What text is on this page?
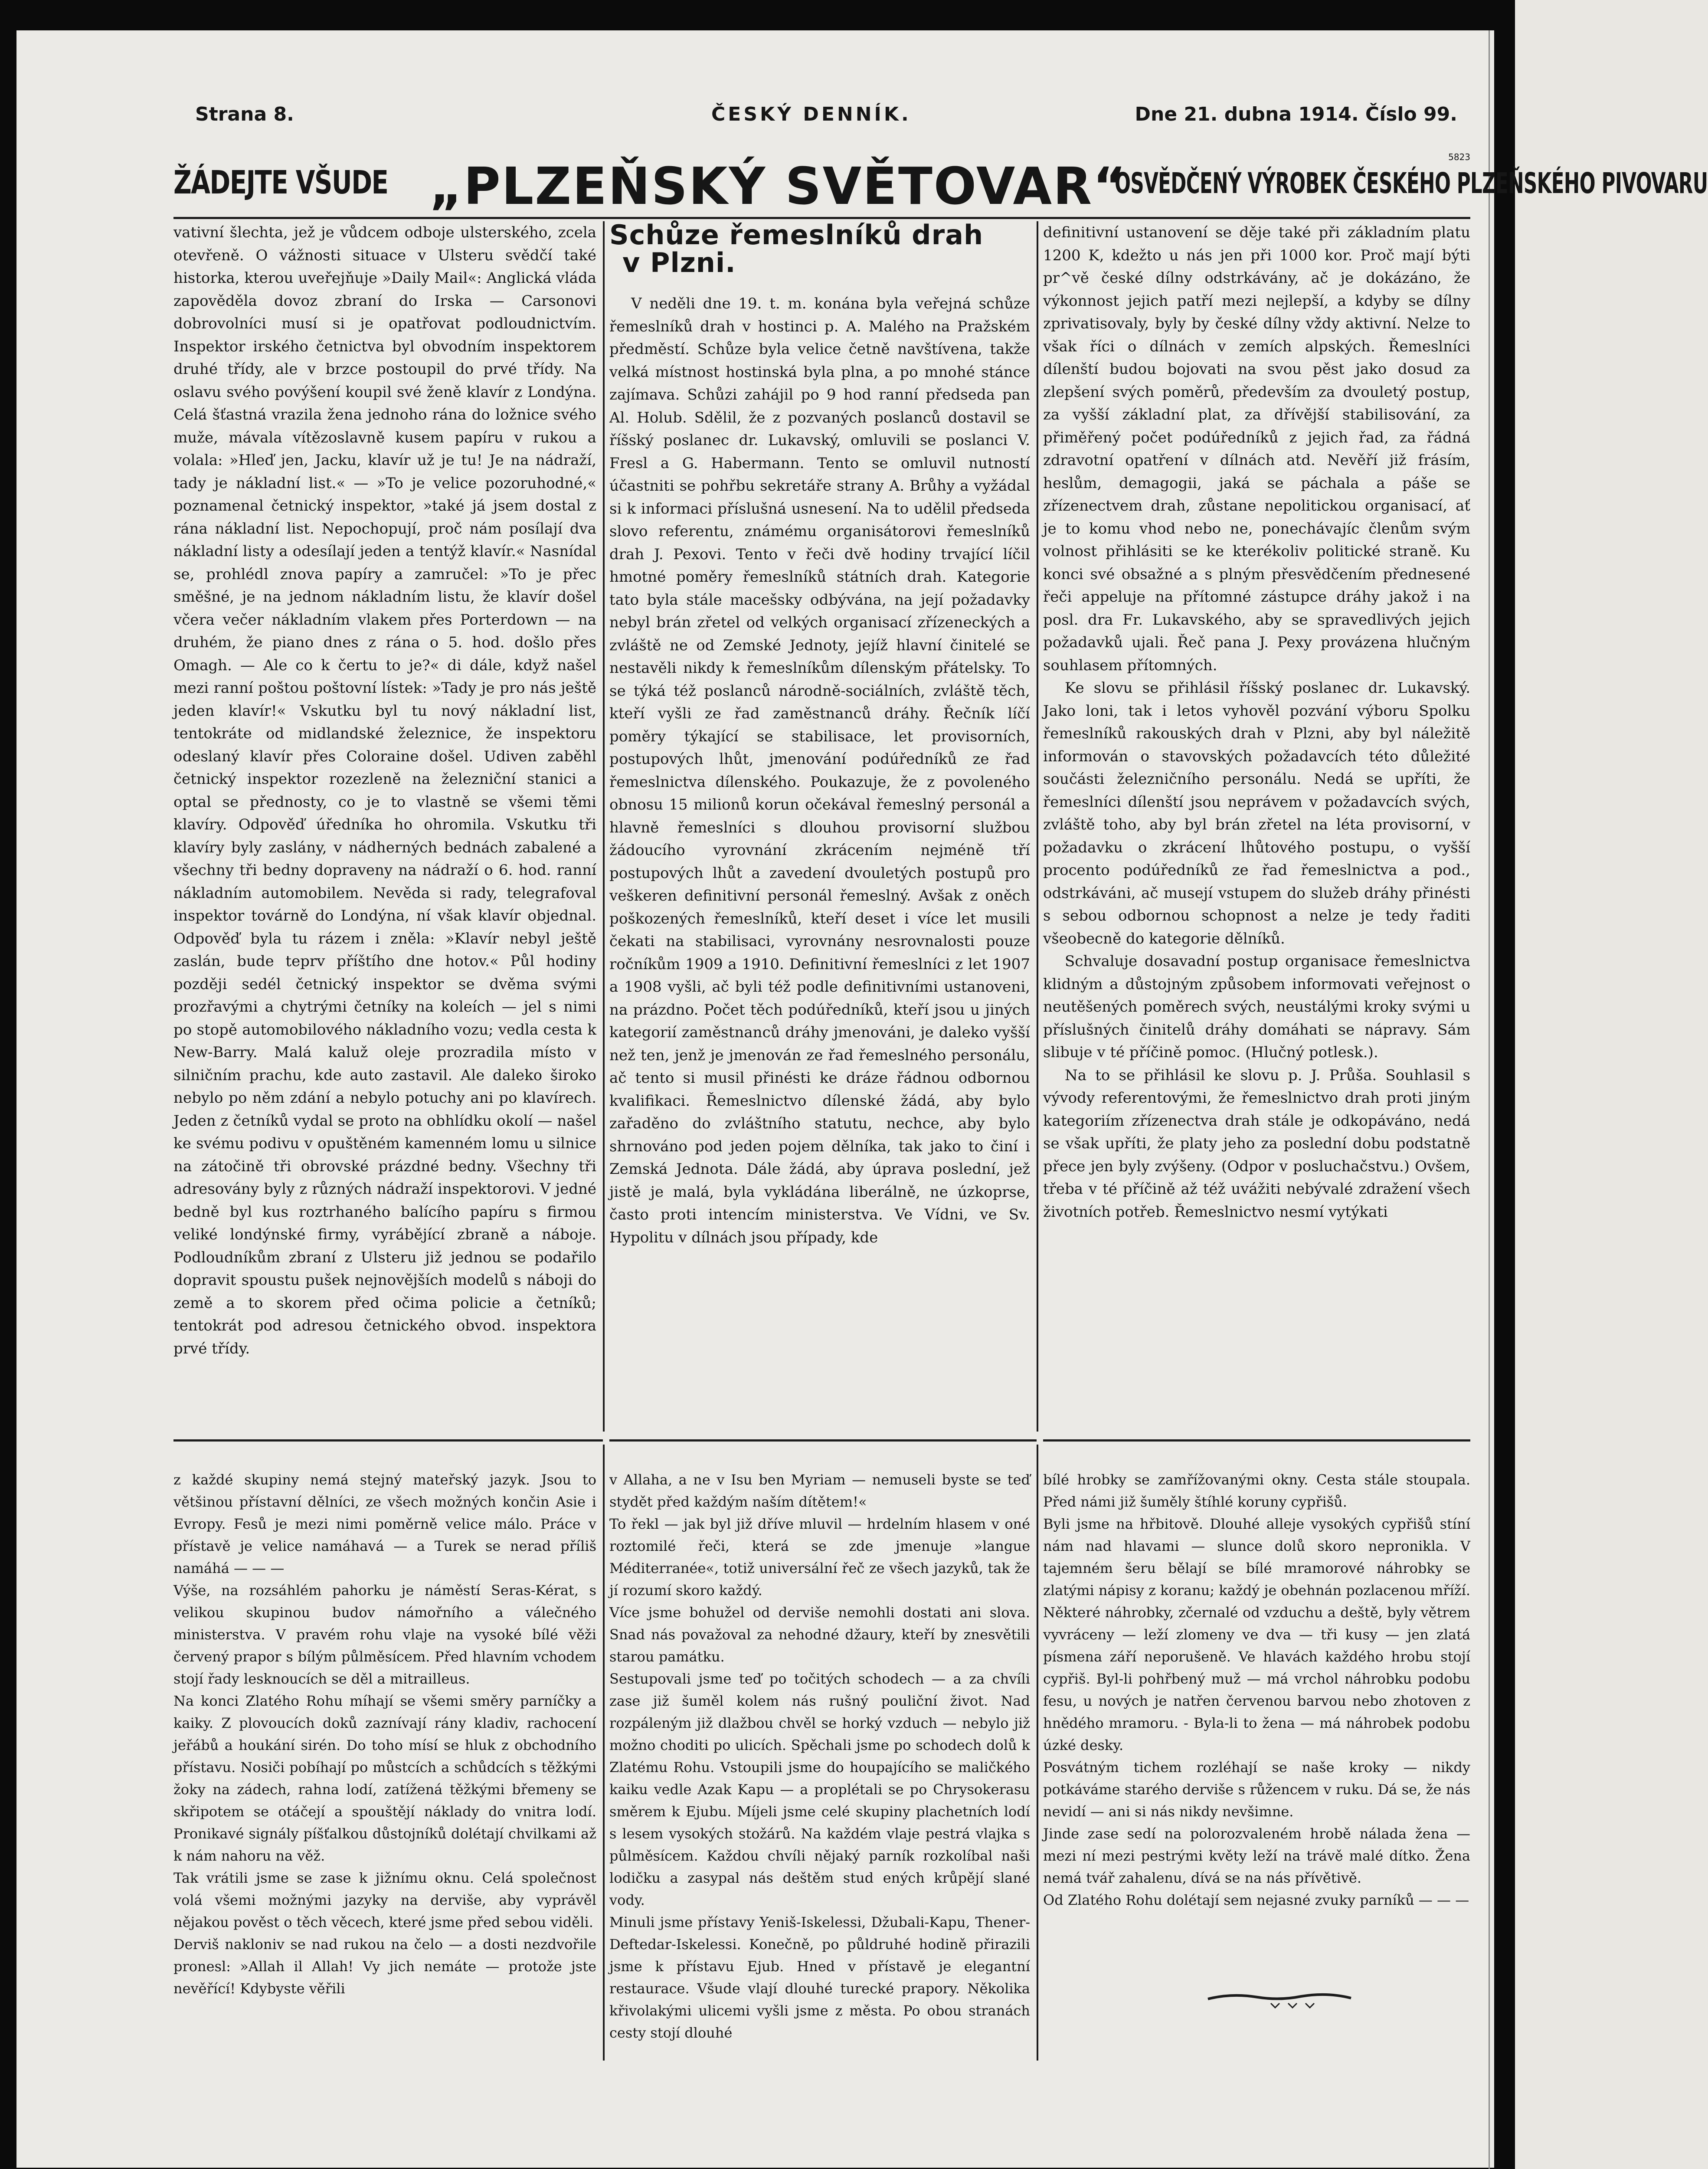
Strana 8.	ČESKÝ DENNÍK.	Dne 21. dubna 1914. Číslo 99.
ŽÁDEJTE VŠUDE „PLZEŇSKÝ SVĚTOVAR“
OSVĚDČENÝ VÝROBEK ČESKÉHO PLZEŇSKÉHO PIVOVARU
5823

vativní šlechta, jež je vůdcem odboje ulsterského, zcela otevřeně. O vážnosti situace v Ulsteru svědčí také historka, kterou uveřejňuje »Daily Mail«: Anglická vláda zapověděla dovoz zbraní do Irska — Carsonovi dobrovolníci musí si je opatřovat podloudnictvím. Inspektor irského četnictva byl obvodním inspektorem druhé třídy, ale v brzce postoupil do prvé třídy. Na oslavu svého povýšení koupil své ženě klavír z Londýna. Celá šťastná vrazila žena jednoho rána do ložnice svého muže, mávala vítězoslavně kusem papíru v rukou a volala: »Hleď jen, Jacku, klavír už je tu! Je na nádraží, tady je nákladní list.« — »To je velice pozoruhodné,« poznamenal četnický inspektor, »také já jsem dostal z rána nákladní list. Nepochopují, proč nám posílají dva nákladní listy a odesílají jeden a tentýž klavír.« Nasnídal se, prohlédl znova papíry a zamručel: »To je přec směšné, je na jednom nákladním listu, že klavír došel včera večer nákladním vlakem přes Porterdown — na druhém, že piano dnes z rána o 5. hod. došlo přes Omagh. — Ale co k čertu to je?« di dále, když našel mezi ranní poštou poštovní lístek: »Tady je pro nás ještě jeden klavír!« Vskutku byl tu nový nákladní list, tentokráte od midlandské železnice, že inspektoru odeslaný klavír přes Coloraine došel. Udiven zaběhl četnický inspektor rozezleně na železniční stanici a optal se přednosty, co je to vlastně se všemi těmi klavíry. Odpověď úředníka ho ohromila. Vskutku tři klavíry byly zaslány, v nádherných bednách zabalené a všechny tři bedny dopraveny na nádraží o 6. hod. ranní nákladním automobilem. Nevěda si rady, telegrafoval inspektor továrně do Londýna, ní však klavír objednal. Odpověď byla tu rázem i zněla: »Klavír nebyl ještě zaslán, bude teprv příštího dne hotov.« Půl hodiny později sedél četnický inspektor se dvěma svými prozřavými a chytrými četníky na koleích — jel s nimi po stopě automobilového nákladního vozu; vedla cesta k New-Barry. Malá kaluž oleje prozradila místo v silničním prachu, kde auto zastavil. Ale daleko široko nebylo po něm zdání a nebylo potuchy ani po klavírech. Jeden z četníků vydal se proto na obhlídku okolí — našel ke svému podivu v opuštěném kamenném lomu u silnice na zátočině tři obrovské prázdné bedny. Všechny tři adresovány byly z různých nádraží inspektorovi. V jedné bedně byl kus roztrhaného balícího papíru s firmou veliké londýnské firmy, vyrábějící zbraně a náboje. Podloudníkům zbraní z Ulsteru již jednou se podařilo dopravit spoustu pušek nejnovějších modelů s náboji do země a to skorem před očima policie a četníků; tentokrát pod adresou četnického obvod. inspektora prvé třídy.

Schůze řemeslníků drah
v Plzni.

V neděli dne 19. t. m. konána byla veřejná schůze řemeslníků drah v hostinci p. A. Malého na Pražském předměstí. Schůze byla velice četně navštívena, takže velká místnost hostinská byla plna, a po mnohé stánce zajímava. Schůzi zahájil po 9 hod ranní předseda pan Al. Holub. Sdělil, že z pozvaných poslanců dostavil se říšský poslanec dr. Lukavský, omluvili se poslanci V. Fresl a G. Habermann. Tento se omluvil nutností účastniti se pohřbu sekretáře strany A. Brůhy a vyžádal si k informaci příslušná usnesení. Na to udělil předseda slovo referentu, známému organisátorovi řemeslníků drah J. Pexovi. Tento v řeči dvě hodiny trvající líčil hmotné poměry řemeslníků státních drah. Kategorie tato byla stále macešsky odbývána, na její požadavky nebyl brán zřetel od velkých organisací zřízeneckých a zvláště ne od Zemské Jednoty, jejíž hlavní činitelé se nestavěli nikdy k řemeslníkům dílenským přátelsky. To se týká též poslanců národně-sociálních, zvláště těch, kteří vyšli ze řad zaměstnanců dráhy. Řečník líčí poměry týkající se stabilisace, let provisorních, postupových lhůt, jmenování podúředníků ze řad řemeslnictva dílenského. Poukazuje, že z povoleného obnosu 15 milionů korun očekával řemeslný personál a hlavně řemeslníci s dlouhou provisorní službou žádoucího vyrovnání zkrácením nejméně tří postupových lhůt a zavedení dvouletých postupů pro veškeren definitivní personál řemeslný. Avšak z oněch poškozených řemeslníků, kteří deset i více let musili čekati na stabilisaci, vyrovnány nesrovnalosti pouze ročníkům 1909 a 1910. Definitivní řemeslníci z let 1907 a 1908 vyšli, ač byli též podle definitivními ustanoveni, na prázdno. Počet těch podúředníků, kteří jsou u jiných kategorií zaměstnanců dráhy jmenováni, je daleko vyšší než ten, jenž je jmenován ze řad řemeslného personálu, ač tento si musil přinésti ke dráze řádnou odbornou kvalifikaci. Řemeslnictvo dílenské žádá, aby bylo zařaděno do zvláštního statutu, nechce, aby bylo shrnováno pod jeden pojem dělníka, tak jako to činí i Zemská Jednota. Dále žádá, aby úprava poslední, jež jistě je malá, byla vykládána liberálně, ne úzkoprse, často proti intencím ministerstva. Ve Vídni, ve Sv. Hypolitu v dílnách jsou případy, kde

definitivní ustanovení se děje také při základním platu 1200 K, kdežto u nás jen při 1000 kor. Proč mají býti pr^vě české dílny odstrkávány, ač je dokázáno, že výkonnost jejich patří mezi nejlepší, a kdyby se dílny zprivatisovaly, byly by české dílny vždy aktivní. Nelze to však říci o dílnách v zemích alpských. Řemeslníci dílenští budou bojovati na svou pěst jako dosud za zlepšení svých poměrů, především za dvouletý postup, za vyšší základní plat, za dřívější stabilisování, za přiměřený počet podúředníků z jejich řad, za řádná zdravotní opatření v dílnách atd. Nevěří již frásím, heslům, demagogii, jaká se páchala a páše se zřízenectvem drah, zůstane nepolitickou organisací, ať je to komu vhod nebo ne, ponechávajíc členům svým volnost přihlásiti se ke kterékoliv politické straně. Ku konci své obsažné a s plným přesvědčením přednesené řeči appeluje na přítomné zástupce dráhy jakož i na posl. dra Fr. Lukavského, aby se spravedlivých jejich požadavků ujali. Řeč pana J. Pexy provázena hlučným souhlasem přítomných.

Ke slovu se přihlásil říšský poslanec dr. Lukavský. Jako loni, tak i letos vyhověl pozvání výboru Spolku řemeslníků rakouských drah v Plzni, aby byl náležitě informován o stavovských požadavcích této důležité součásti železničního personálu. Nedá se upříti, že řemeslníci dílenští jsou neprávem v požadavcích svých, zvláště toho, aby byl brán zřetel na léta provisorní, v požadavku o zkrácení lhůtového postupu, o vyšší procento podúředníků ze řad řemeslnictva a pod., odstrkáváni, ač musejí vstupem do služeb dráhy přinésti s sebou odbornou schopnost a nelze je tedy řaditi všeobecně do kategorie dělníků.

Schvaluje dosavadní postup organisace řemeslnictva klidným a důstojným způsobem informovati veřejnost o neutěšených poměrech svých, neustálými kroky svými u příslušných činitelů dráhy domáhati se nápravy. Sám slibuje v té příčině pomoc. (Hlučný potlesk.).

Na to se přihlásil ke slovu p. J. Průša. Souhlasil s vývody referentovými, že řemeslnictvo drah proti jiným kategoriím zřízenectva drah stále je odkopáváno, nedá se však upříti, že platy jeho za poslední dobu podstatně přece jen byly zvýšeny. (Odpor v posluchačstvu.) Ovšem, třeba v té příčině až též uvážiti nebývalé zdražení všech životních potřeb. Řemeslnictvo nesmí vytýkati

z každé skupiny nemá stejný mateřský jazyk. Jsou to většinou přístavní dělníci, ze všech možných končin Asie i Evropy. Fesů je mezi nimi poměrně velice málo. Práce v přístavě je velice namáhavá — a Turek se nerad příliš namáhá — — —
Výše, na rozsáhlém pahorku je náměstí Seras-Kérat, s velikou skupinou budov námořního a válečného ministerstva. V pravém rohu vlaje na vysoké bílé věži červený prapor s bílým půlměsícem. Před hlavním vchodem stojí řady lesknoucích se děl a mitrailleus.
Na konci Zlatého Rohu míhají se všemi směry parníčky a kaiky. Z plovoucích doků zaznívají rány kladiv, rachocení jeřábů a houkání sirén. Do toho mísí se hluk z obchodního přístavu. Nosiči pobíhají po můstcích a schůdcích s těžkými žoky na zádech, rahna lodí, zatížená těžkými břemeny se skřipotem se otáčejí a spouštějí náklady do vnitra lodí. Pronikavé signály píšťalkou důstojníků dolétají chvilkami až k nám nahoru na věž.
Tak vrátili jsme se zase k jižnímu oknu. Celá společnost volá všemi možnými jazyky na derviše, aby vyprávěl nějakou pověst o těch věcech, které jsme před sebou viděli.
Derviš nakloniv se nad rukou na čelo — a dosti nezdvořile pronesl: »Allah il Allah! Vy jich nemáte — protože jste nevěřící! Kdybyste věřili

v Allaha, a ne v Isu ben Myriam — nemuseli byste se teď stydět před každým naším dítětem!«
To řekl — jak byl již dříve mluvil — hrdelním hlasem v oné roztomilé řeči, která se zde jmenuje »langue Méditerranée«, totiž universální řeč ze všech jazyků, tak že jí rozumí skoro každý.
Více jsme bohužel od derviše nemohli dostati ani slova. Snad nás považoval za nehodné džaury, kteří by znesvětili starou památku.
Sestupovali jsme teď po točitých schodech — a za chvíli zase již šuměl kolem nás rušný pouliční život. Nad rozpáleným již dlažbou chvěl se horký vzduch — nebylo již možno choditi po ulicích. Spěchali jsme po schodech dolů k Zlatému Rohu. Vstoupili jsme do houpajícího se maličkého kaiku vedle Azak Kapu — a proplétali se po Chrysokerasu směrem k Ejubu. Míjeli jsme celé skupiny plachetních lodí s lesem vysokých stožárů. Na každém vlaje pestrá vlajka s půlměsícem. Každou chvíli nějaký parník rozkolíbal naši lodičku a zasypal nás deštěm stud ených krůpějí slané vody.
Minuli jsme přístavy Yeniš-Iskelessi, Džubali-Kapu, Thener-Deftedar-Iskelessi. Konečně, po půldruhé hodině přirazili jsme k přístavu Ejub. Hned v přístavě je elegantní restaurace. Všude vlají dlouhé turecké prapory. Několika křivolakými ulicemi vyšli jsme z města. Po obou stranách cesty stojí dlouhé

bílé hrobky se zamřížovanými okny. Cesta stále stoupala. Před námi již šuměly štíhlé koruny cypřišů.
Byli jsme na hřbitově. Dlouhé alleje vysokých cypřišů stíní nám nad hlavami — slunce dolů skoro nepronikla. V tajemném šeru bělají se bílé mramorové náhrobky se zlatými nápisy z koranu; každý je obehnán pozlacenou mříží. Některé náhrobky, zčernalé od vzduchu a deště, byly větrem vyvráceny — leží zlomeny ve dva — tři kusy — jen zlatá písmena září neporušeně. Ve hlavách každého hrobu stojí cypřiš. Byl-li pohřbený muž — má vrchol náhrobku podobu fesu, u nových je natřen červenou barvou nebo zhotoven z hnědého mramoru. - Byla-li to žena — má náhrobek podobu úzké desky.
Posvátným tichem rozléhají se naše kroky — nikdy potkáváme starého derviše s růžencem v ruku. Dá se, že nás nevidí — ani si nás nikdy nevšimne.
Jinde zase sedí na polorozvaleném hrobě nálada žena — mezi ní mezi pestrými květy leží na trávě malé dítko. Žena nemá tvář zahalenu, dívá se na nás přívětivě.
Od Zlatého Rohu dolétají sem nejasné zvuky parníků — — —
